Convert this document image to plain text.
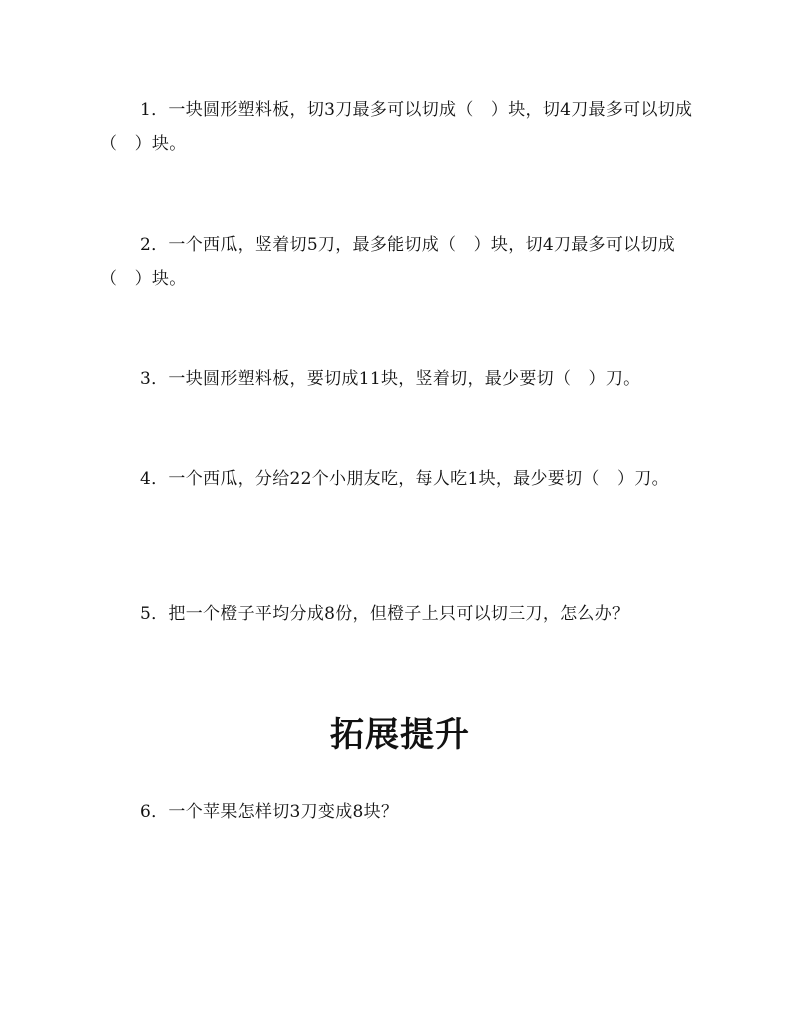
1．一块圆形塑料板，切3刀最多可以切成（　）块，切4刀最多可以切成（　）块。

2．一个西瓜，竖着切5刀，最多能切成（　）块，切4刀最多可以切成（　）块。

3．一块圆形塑料板，要切成11块，竖着切，最少要切（　）刀。

4．一个西瓜，分给22个小朋友吃，每人吃1块，最少要切（　）刀。

5．把一个橙子平均分成8份，但橙子上只可以切三刀，怎么办？

拓展提升

6．一个苹果怎样切3刀变成8块？
